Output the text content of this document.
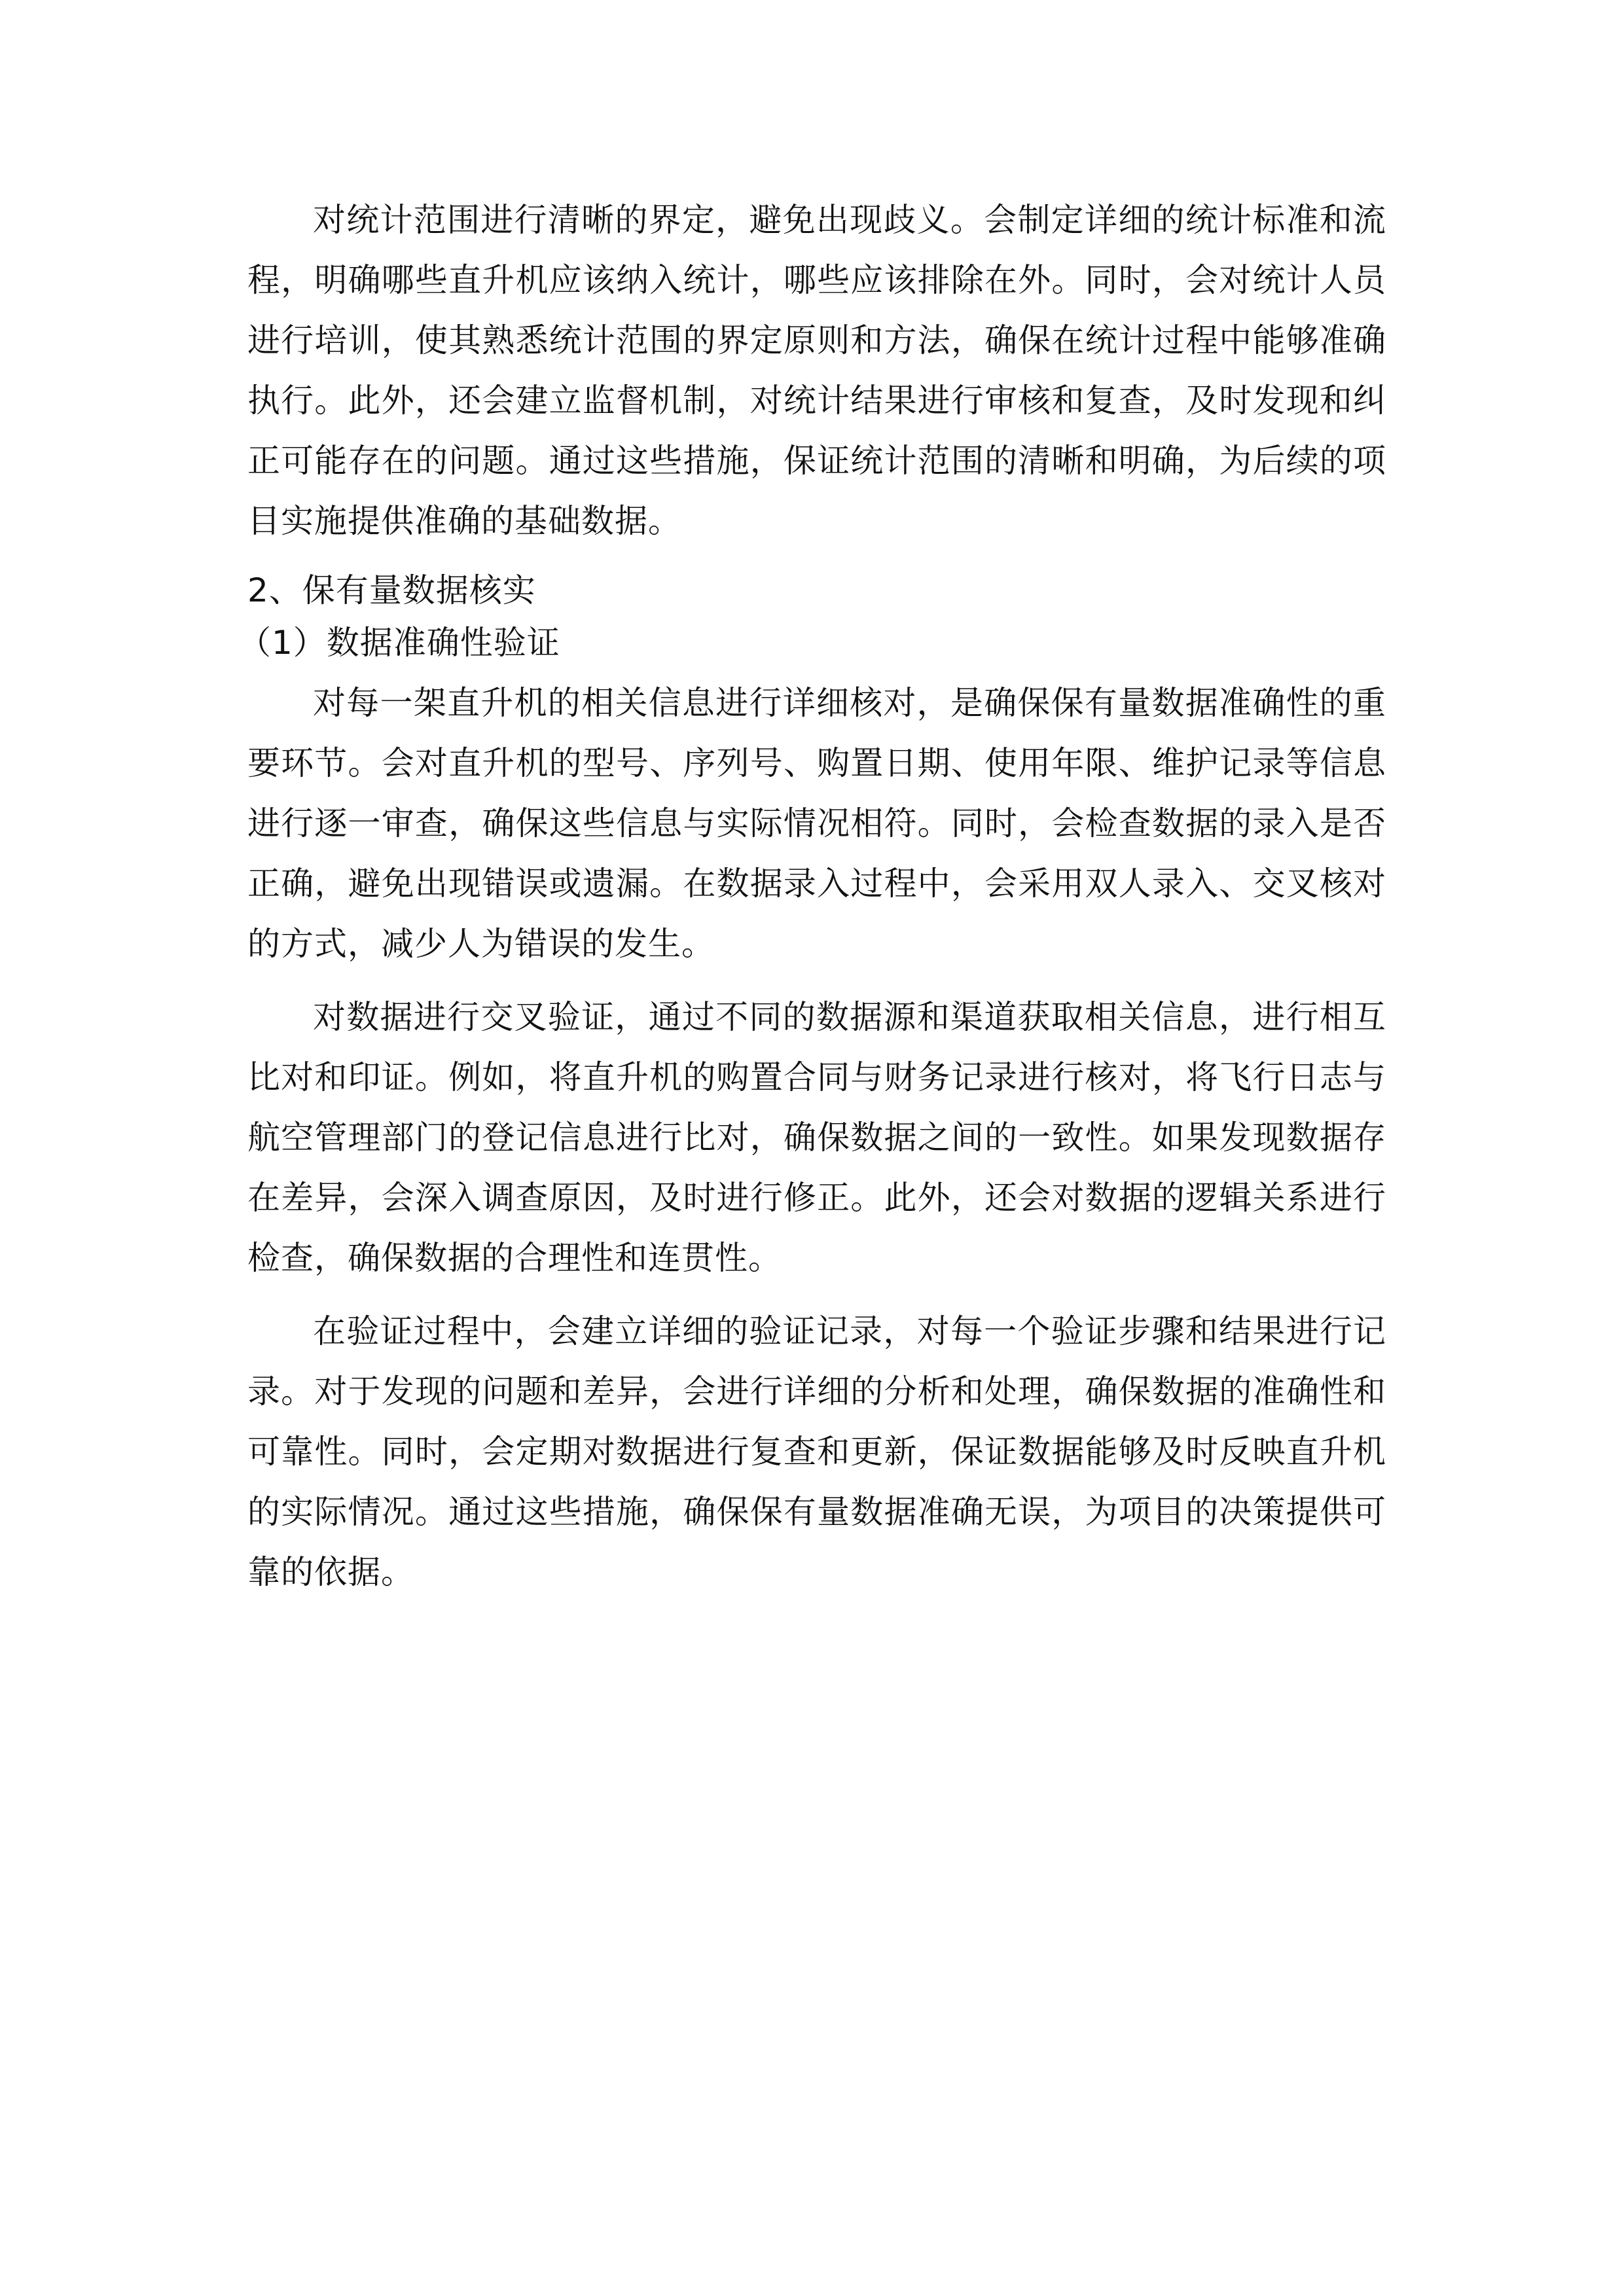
对统计范围进行清晰的界定，避免出现歧义。会制定详细的统计标准和流程，明确哪些直升机应该纳入统计，哪些应该排除在外。同时，会对统计人员进行培训，使其熟悉统计范围的界定原则和方法，确保在统计过程中能够准确执行。此外，还会建立监督机制，对统计结果进行审核和复查，及时发现和纠正可能存在的问题。通过这些措施，保证统计范围的清晰和明确，为后续的项目实施提供准确的基础数据。

2、保有量数据核实

（1）数据准确性验证

对每一架直升机的相关信息进行详细核对，是确保保有量数据准确性的重要环节。会对直升机的型号、序列号、购置日期、使用年限、维护记录等信息进行逐一审查，确保这些信息与实际情况相符。同时，会检查数据的录入是否正确，避免出现错误或遗漏。在数据录入过程中，会采用双人录入、交叉核对的方式，减少人为错误的发生。

对数据进行交叉验证，通过不同的数据源和渠道获取相关信息，进行相互比对和印证。例如，将直升机的购置合同与财务记录进行核对，将飞行日志与航空管理部门的登记信息进行比对，确保数据之间的一致性。如果发现数据存在差异，会深入调查原因，及时进行修正。此外，还会对数据的逻辑关系进行检查，确保数据的合理性和连贯性。

在验证过程中，会建立详细的验证记录，对每一个验证步骤和结果进行记录。对于发现的问题和差异，会进行详细的分析和处理，确保数据的准确性和可靠性。同时，会定期对数据进行复查和更新，保证数据能够及时反映直升机的实际情况。通过这些措施，确保保有量数据准确无误，为项目的决策提供可靠的依据。
